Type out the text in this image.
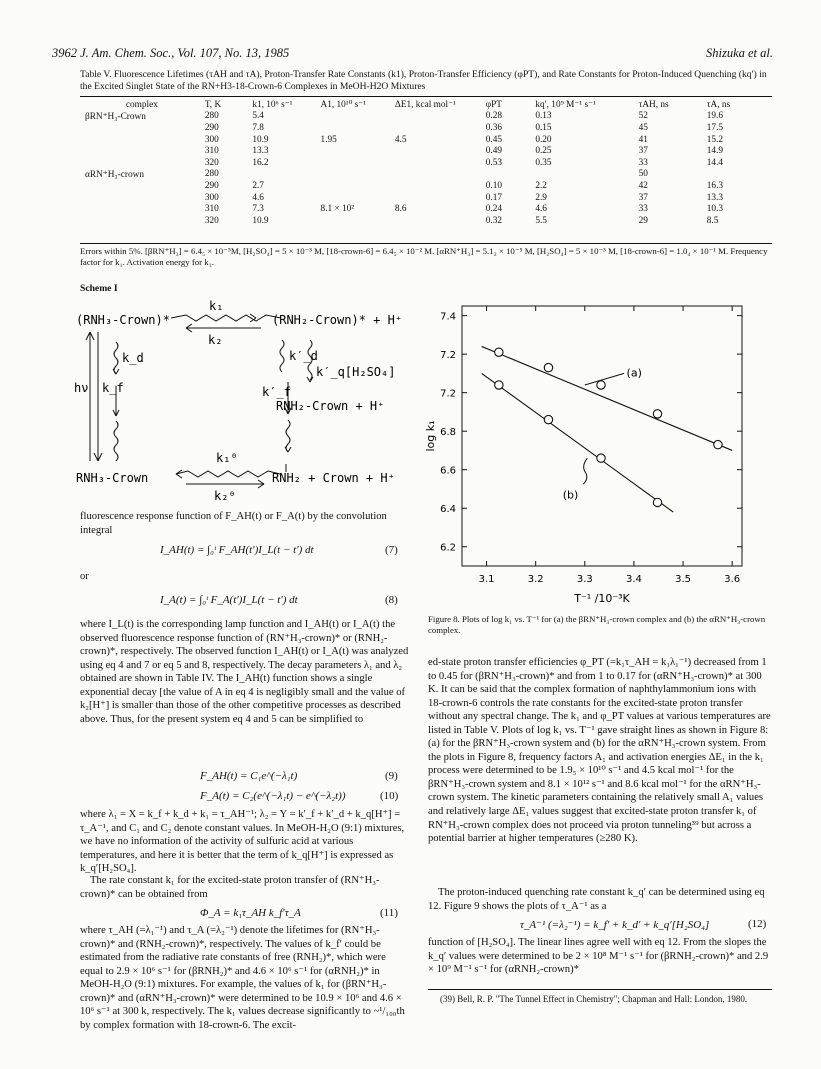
3962 J. Am. Chem. Soc., Vol. 107, No. 13, 1985	Shizuka et al.
Table V. Fluorescence Lifetimes (τAH and τA), Proton-Transfer Rate Constants (k1), Proton-Transfer Efficiency (φPT), and Rate Constants for Proton-Induced Quenching (kq′) in the Excited Singlet State of the RN+H3-18-Crown-6 Complexes in MeOH-H2O Mixtures
complex	T, K	k1, 10⁶ s⁻¹	A1, 10¹⁰ s⁻¹	ΔE1, kcal mol⁻¹	φPT	kq′, 10⁹ M⁻¹ s⁻¹	τAH, ns	τA, ns
βRN⁺H₃-Crown	280	5.4			0.28	0.13	52	19.6
	290	7.8			0.36	0.15	45	17.5
	300	10.9	1.95	4.5	0.45	0.20	41	15.2
	310	13.3			0.49	0.25	37	14.9
	320	16.2			0.53	0.35	33	14.4
αRN⁺H₃-crown	280						50	
	290	2.7			0.10	2.2	42	16.3
	300	4.6			0.17	2.9	37	13.3
	310	7.3	8.1 × 10²	8.6	0.24	4.6	33	10.3
	320	10.9			0.32	5.5	29	8.5
Errors within 5%. [βRN⁺H₃] = 6.4₅ × 10⁻⁵M, [H₂SO₄] = 5 × 10⁻³ M, [18-crown-6] = 6.4₅ × 10⁻² M. [αRN⁺H₃] = 5.1₂ × 10⁻⁵ M, [H₂SO₄] = 5 × 10⁻³ M, [18-crown-6] = 1.0₄ × 10⁻¹ M. Frequency factor for k₁. Activation energy for k₁.
Scheme I
(RNH₃-Crown)*
k₁
k₂
(RNH₂-Crown)* + H⁺
k_d
hν k_f
k′_d
k′_f
k′_q[H₂SO₄]
RNH₂-Crown + H⁺
k₁⁰
k₂⁰
RNH₃-Crown	RNH₂ + Crown + H⁺
fluorescence response function of F_AH(t) or F_A(t) by the convolution integral
I_AH(t) = ∫₀ᵗ F_AH(t′)I_L(t − t′) dt	(7)
or
I_A(t) = ∫₀ᵗ F_A(t′)I_L(t − t′) dt	(8)
where I_L(t) is the corresponding lamp function and I_AH(t) or I_A(t) the observed fluorescence response function of (RN⁺H₃-crown)* or (RNH₂-crown)*, respectively. The observed function I_AH(t) or I_A(t) was analyzed using eq 4 and 7 or eq 5 and 8, respectively. The decay parameters λ₁ and λ₂ obtained are shown in Table IV. The I_AH(t) function shows a single exponential decay [the value of A in eq 4 is negligibly small and the value of k₂[H⁺] is smaller than those of the other competitive processes as described above. Thus, for the present system eq 4 and 5 can be simplified to
F_AH(t) = C₁e^(−λ₁t)	(9)
F_A(t) = C₂(e^(−λ₁t) − e^(−λ₂t))	(10)
where λ₁ = X = k_f + k_d + k₁ = τ_AH⁻¹; λ₂ = Y = k′_f + k′_d + k_q[H⁺] = τ_A⁻¹, and C₁ and C₂ denote constant values. In MeOH-H₂O (9:1) mixtures, we have no information of the activity of sulfuric acid at various temperatures, and here it is better that the term of k_q[H⁺] is expressed as k_q′[H₂SO₄].
The rate constant k₁ for the excited-state proton transfer of (RN⁺H₃-crown)* can be obtained from
Φ_A = k₁τ_AH k_f′τ_A	(11)
where τ_AH (=λ₁⁻¹) and τ_A (=λ₂⁻¹) denote the lifetimes for (RN⁺H₃-crown)* and (RNH₂-crown)*, respectively. The values of k_f′ could be estimated from the radiative rate constants of free (RNH₂)*, which were equal to 2.9 × 10⁶ s⁻¹ for (βRNH₂)* and 4.6 × 10⁶ s⁻¹ for (αRNH₂)* in MeOH-H₂O (9:1) mixtures. For example, the values of k₁ for (βRN⁺H₃-crown)* and (αRN⁺H₃-crown)* were determined to be 10.9 × 10⁶ and 4.6 × 10⁶ s⁻¹ at 300 k, respectively. The k₁ values decrease significantly to ~¹/₁₀₀th by complex formation with 18-crown-6. The excit-
7.4
7.2
7.2
6.8
6.6
6.4
6.2
3.1	3.2	3.3	3.4	3.5	3.6
T⁻¹ /10⁻³K
log k₁
(a)
(b)
Figure 8. Plots of log k₁ vs. T⁻¹ for (a) the βRN⁺H₃-crown complex and (b) the αRN⁺H₃-crown complex.
ed-state proton transfer efficiencies φ_PT (=k₁τ_AH = k₁λ₁⁻¹) decreased from 1 to 0.45 for (βRN⁺H₃-crown)* and from 1 to 0.17 for (αRN⁺H₃-crown)* at 300 K. It can be said that the complex formation of naphthylammonium ions with 18-crown-6 controls the rate constants for the excited-state proton transfer without any spectral change. The k₁ and φ_PT values at various temperatures are listed in Table V. Plots of log k₁ vs. T⁻¹ gave straight lines as shown in Figure 8: (a) for the βRN⁺H₃-crown system and (b) for the αRN⁺H₃-crown system. From the plots in Figure 8, frequency factors A₁ and activation energies ΔE₁ in the k₁ process were determined to be 1.9₅ × 10¹⁰ s⁻¹ and 4.5 kcal mol⁻¹ for the βRN⁺H₃-crown system and 8.1 × 10¹² s⁻¹ and 8.6 kcal mol⁻¹ for the αRN⁺H₃-crown system. The kinetic parameters containing the relatively small A₁ values and relatively large ΔE₁ values suggest that excited-state proton transfer k₁ of RN⁺H₃-crown complex does not proceed via proton tunneling³⁹ but across a potential barrier at higher temperatures (≥280 K).
The proton-induced quenching rate constant k_q′ can be determined using eq 12. Figure 9 shows the plots of τ_A⁻¹ as a
τ_A⁻¹ (=λ₂⁻¹) = k_f′ + k_d′ + k_q′[H₂SO₄]	(12)
function of [H₂SO₄]. The linear lines agree well with eq 12. From the slopes the k_q′ values were determined to be 2 × 10⁸ M⁻¹ s⁻¹ for (βRNH₂-crown)* and 2.9 × 10⁹ M⁻¹ s⁻¹ for (αRNH₂-crown)*
(39) Bell, R. P. "The Tunnel Effect in Chemistry"; Chapman and Hall: London, 1980.
